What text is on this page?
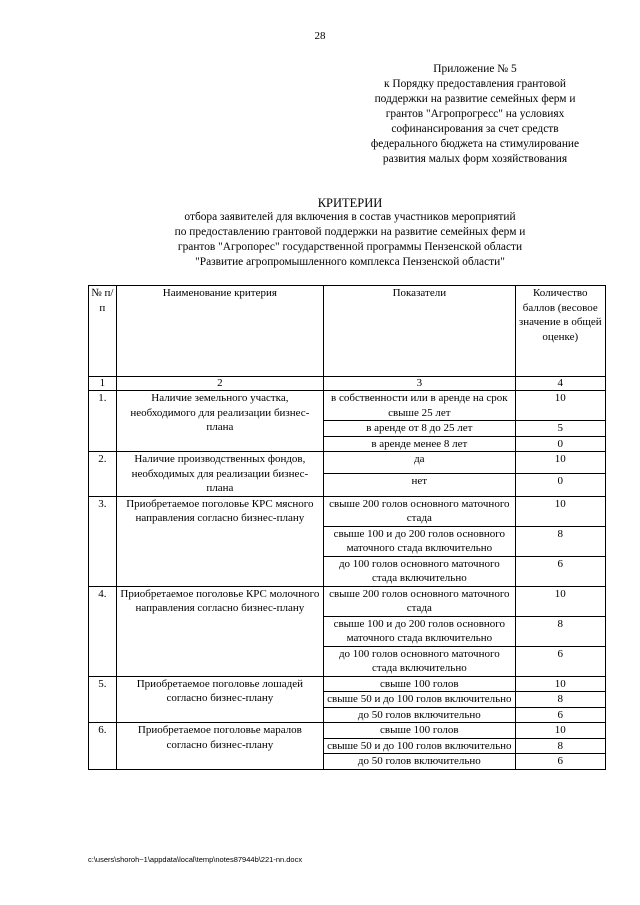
28
Приложение № 5
к Порядку предоставления грантовой
поддержки на развитие семейных ферм и
грантов "Агропрогресс" на условиях
софинансирования за счет средств
федерального бюджета на стимулирование
развития малых форм хозяйствования
КРИТЕРИИ
отбора заявителей для включения в состав участников мероприятий
по предоставлению грантовой поддержки на развитие семейных ферм и
грантов "Агропорес" государственной программы Пензенской области
"Развитие агропромышленного комплекса Пензенской области"
№ п/п	Наименование критерия	Показатели	Количество баллов (весовое значение в общей оценке)
1	2	3	4
1.	Наличие земельного участка, необходимого для реализации бизнес-плана	в собственности или в аренде на срок свыше 25 лет	10
		в аренде от 8 до 25 лет	5
		в аренде менее 8 лет	0
2.	Наличие производственных фондов, необходимых для реализации бизнес-плана	да	10
		нет	0
3.	Приобретаемое поголовье КРС мясного направления согласно бизнес-плану	свыше 200 голов основного маточного стада	10
		свыше 100 и до 200 голов основного маточного стада включительно	8
		до 100 голов основного маточного стада включительно	6
4.	Приобретаемое поголовье КРС молочного направления согласно бизнес-плану	свыше 200 голов основного маточного стада	10
		свыше 100 и до 200 голов основного маточного стада включительно	8
		до 100 голов основного маточного стада включительно	6
5.	Приобретаемое поголовье лошадей согласно бизнес-плану	свыше 100 голов	10
		свыше 50 и до 100 голов включительно	8
		до 50 голов включительно	6
6.	Приобретаемое поголовье маралов согласно бизнес-плану	свыше 100 голов	10
		свыше 50 и до 100 голов включительно	8
		до 50 голов включительно	6
c:\users\shoroh~1\appdata\local\temp\notes87944b\221-nn.docx
